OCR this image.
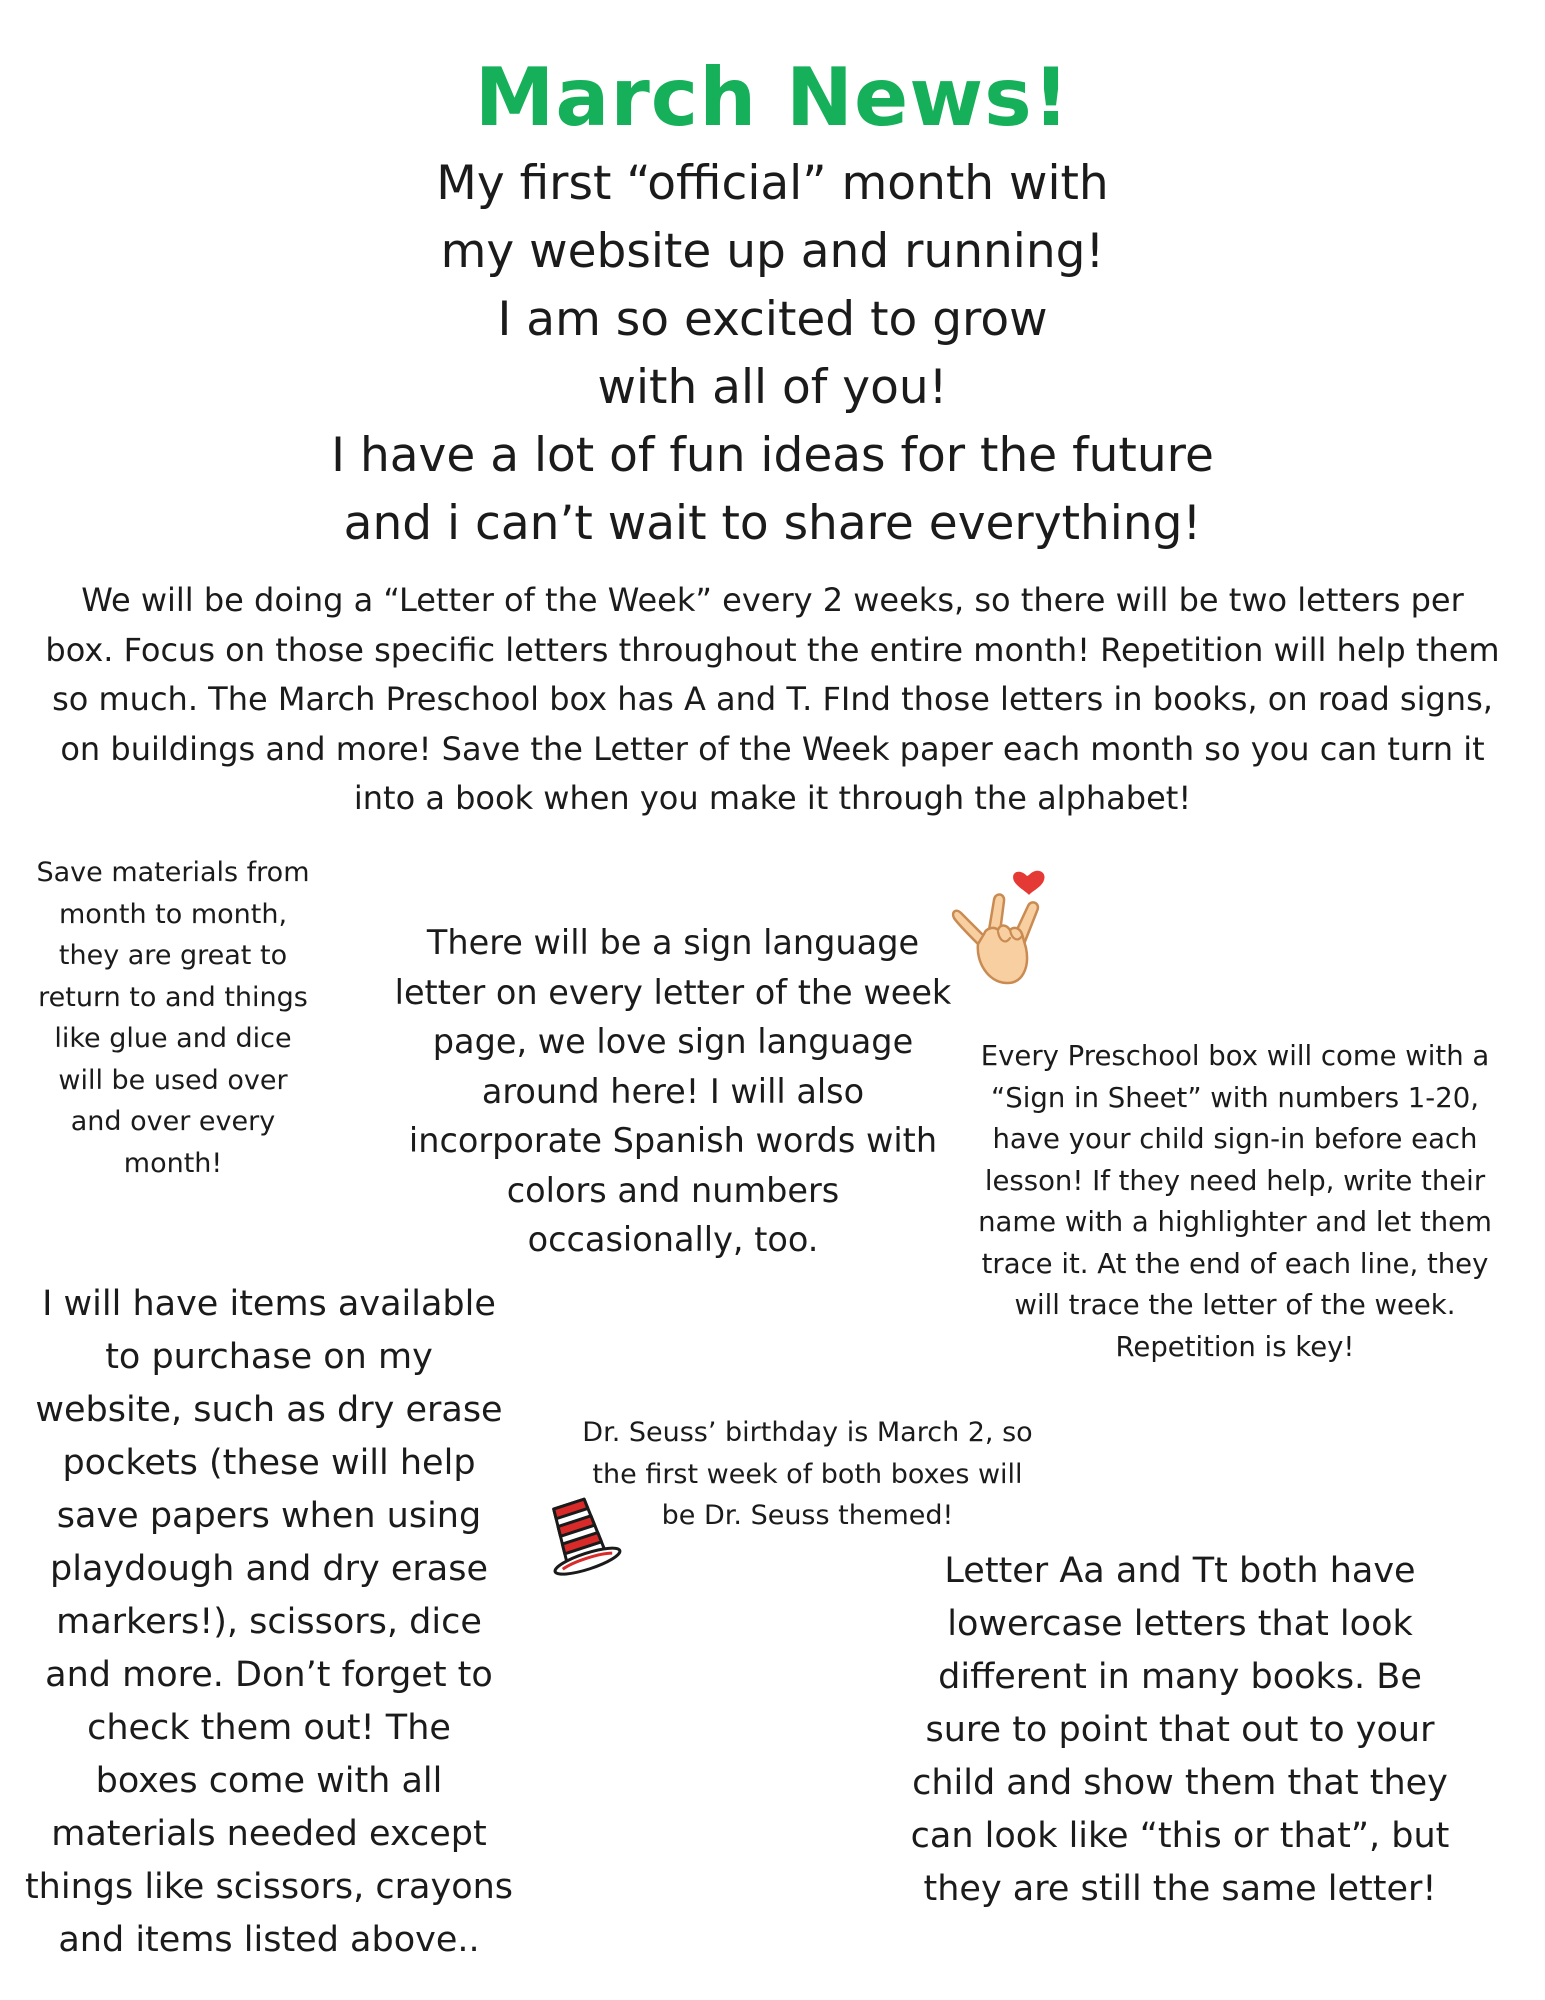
March News!
My first “official” month with
my website up and running!
I am so excited to grow
with all of you!
I have a lot of fun ideas for the future
and i can’t wait to share everything!
We will be doing a “Letter of the Week” every 2 weeks, so there will be two letters per
box. Focus on those specific letters throughout the entire month! Repetition will help them
so much. The March Preschool box has A and T. FInd those letters in books, on road signs,
on buildings and more! Save the Letter of the Week paper each month so you can turn it
into a book when you make it through the alphabet!
Save materials from
month to month,
they are great to
return to and things
like glue and dice
will be used over
and over every
month!
There will be a sign language
letter on every letter of the week
page, we love sign language
around here! I will also
incorporate Spanish words with
colors and numbers
occasionally, too.
Every Preschool box will come with a
“Sign in Sheet” with numbers 1-20,
have your child sign-in before each
lesson! If they need help, write their
name with a highlighter and let them
trace it. At the end of each line, they
will trace the letter of the week.
Repetition is key!
I will have items available
to purchase on my
website, such as dry erase
pockets (these will help
save papers when using
playdough and dry erase
markers!), scissors, dice
and more. Don’t forget to
check them out! The
boxes come with all
materials needed except
things like scissors, crayons
and items listed above..
Dr. Seuss’ birthday is March 2, so
the first week of both boxes will
be Dr. Seuss themed!
Letter Aa and Tt both have
lowercase letters that look
different in many books. Be
sure to point that out to your
child and show them that they
can look like “this or that”, but
they are still the same letter!
